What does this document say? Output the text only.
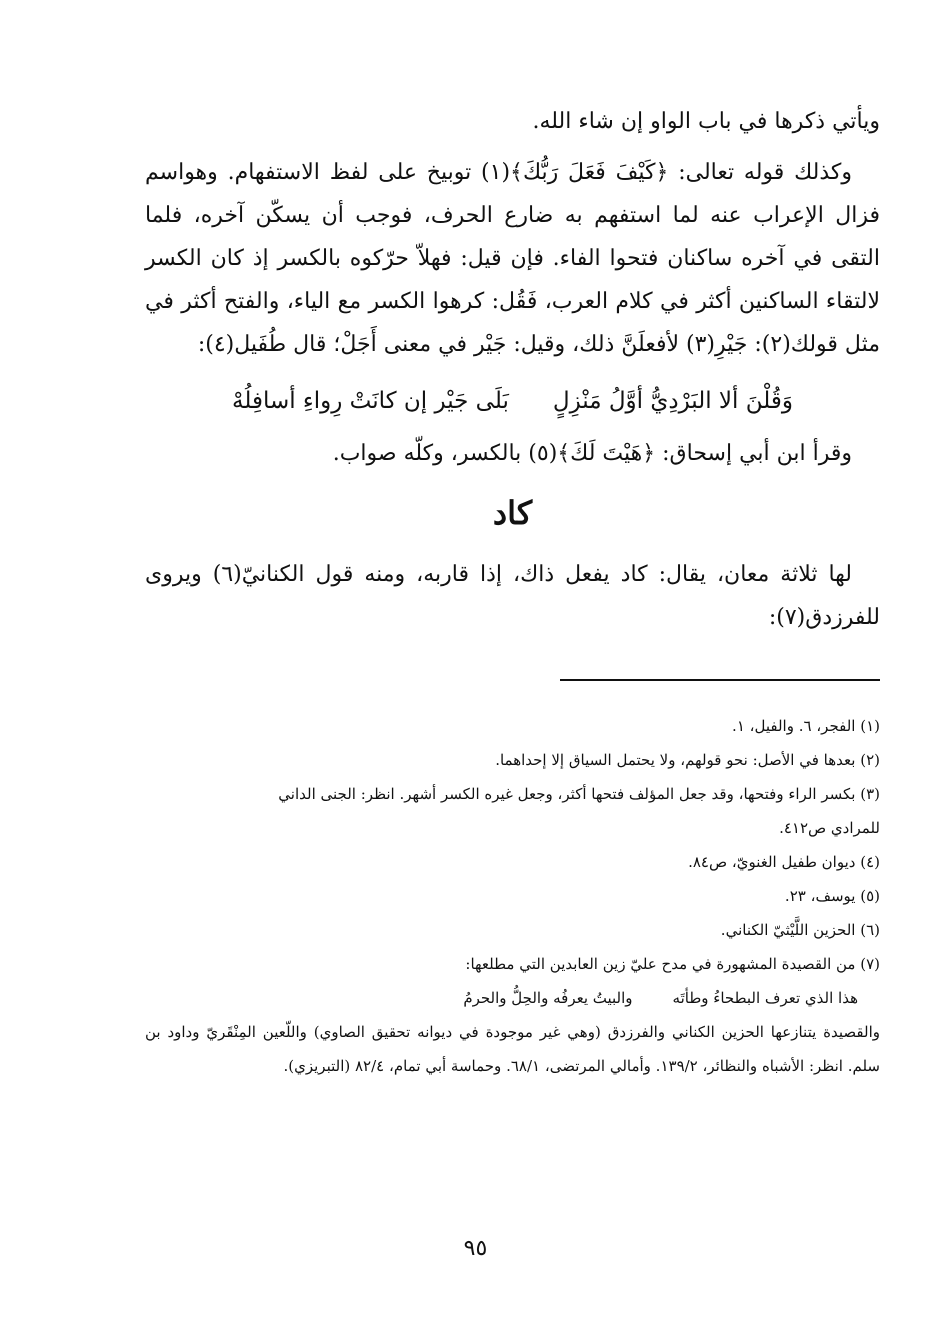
ويأتي ذكرها في باب الواو إن شاء الله.

وكذلك قوله تعالى: ﴿كَيْفَ فَعَلَ رَبُّكَ﴾(١) توبيخ على لفظ الاستفهام. وهواسم فزال الإعراب عنه لما استفهم به ضارع الحرف، فوجب أن يسكّن آخره، فلما التقى في آخره ساكنان فتحوا الفاء. فإن قيل: فهلاّ حرّكوه بالكسر إذ كان الكسر لالتقاء الساكنين أكثر في كلام العرب، فَقُل: كرهوا الكسر مع الياء، والفتح أكثر في مثل قولك(٢): جَيْرِ(٣) لأفعلَنَّ ذلك، وقيل: جَيْر في معنى أَجَلْ؛ قال طُفَيل(٤):

وَقُلْنَ ألا البَرْدِيُّ أوَّلُ مَنْزِلٍ
بَلَى جَيْر إن كانَتْ رِواءِ أسافِلُهْ

وقرأ ابن أبي إسحاق: ﴿هَيْتَ لَكَ﴾(٥) بالكسر، وكلّه صواب.

كاد

لها ثلاثة معان، يقال: كاد يفعل ذاك، إذا قاربه، ومنه قول الكنانيّ(٦) ويروى للفرزدق(٧):

(١) الفجر، ٦. والفيل، ١.

(٢) بعدها في الأصل: نحو قولهم، ولا يحتمل السياق إلا إحداهما.

(٣) بكسر الراء وفتحها، وقد جعل المؤلف فتحها أكثر، وجعل غيره الكسر أشهر. انظر: الجنى الداني

للمرادي ص٤١٢.

(٤) ديوان طفيل الغنويّ، ص٨٤.

(٥) يوسف، ٢٣.

(٦) الحزين اللَّيْثيّ الكناني.

(٧) من القصيدة المشهورة في مدح عليّ زين العابدين التي مطلعها:

هذا الذي تعرف البطحاءُ وطأتَه
والبيتُ يعرفُه والحِلُّ والحرمُ

والقصيدة يتنازعها الحزين الكناني والفرزدق (وهي غير موجودة في ديوانه تحقيق الصاوي) واللّعين المِنْقَريّ وداود بن سلم. انظر: الأشباه والنظائر، ١٣٩/٢. وأمالي المرتضى، ٦٨/١. وحماسة أبي تمام، ٨٢/٤ (التبريزي).

٩٥
